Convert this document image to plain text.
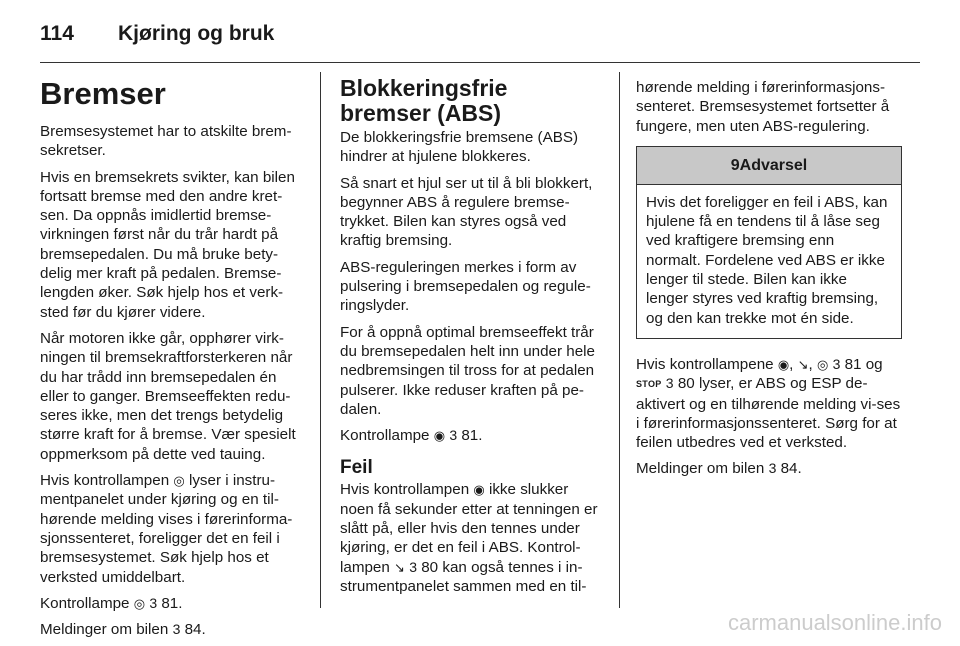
114 Kjøring og bruk
Bremser

Bremsesystemet har to atskilte brem-sekretser.

Hvis en bremsekrets svikter, kan bilen fortsatt bremse med den andre kret-sen. Da oppnås imidlertid bremse-virkningen først når du trår hardt på bremsepedalen. Du må bruke bety-delig mer kraft på pedalen. Bremse-lengden øker. Søk hjelp hos et verk-sted før du kjører videre.

Når motoren ikke går, opphører virk-ningen til bremsekraftforsterkeren når du har trådd inn bremsepedalen én eller to ganger. Bremseeffekten redu-seres ikke, men det trengs betydelig større kraft for å bremse. Vær spesielt oppmerksom på dette ved tauing.

Hvis kontrollampen ◎ lyser i instru-mentpanelet under kjøring og en til-hørende melding vises i førerinforma-sjonssenteret, foreligger det en feil i bremsesystemet. Søk hjelp hos et verksted umiddelbart.

Kontrollampe ◎ 3 81.

Meldinger om bilen 3 84.

Blokkeringsfrie bremser (ABS)

De blokkeringsfrie bremsene (ABS) hindrer at hjulene blokkeres.

Så snart et hjul ser ut til å bli blokkert, begynner ABS å regulere bremse-trykket. Bilen kan styres også ved kraftig bremsing.

ABS-reguleringen merkes i form av pulsering i bremsepedalen og regule-ringslyder.

For å oppnå optimal bremseeffekt trår du bremsepedalen helt inn under hele nedbremsingen til tross for at pedalen pulserer. Ikke reduser kraften på pe-dalen.

Kontrollampe ◉ 3 81.

Feil

Hvis kontrollampen ◉ ikke slukker noen få sekunder etter at tenningen er slått på, eller hvis den tennes under kjøring, er det en feil i ABS. Kontrol-lampen ↘ 3 80 kan også tennes i in-strumentpanelet sammen med en til-

hørende melding i førerinformasjons-senteret. Bremsesystemet fortsetter å fungere, men uten ABS-regulering.

9Advarsel

Hvis det foreligger en feil i ABS, kan hjulene få en tendens til å låse seg ved kraftigere bremsing enn normalt. Fordelene ved ABS er ikke lenger til stede. Bilen kan ikke lenger styres ved kraftig bremsing, og den kan trekke mot én side.

Hvis kontrollampene ◉, ↘, ◎ 3 81 og STOP 3 80 lyser, er ABS og ESP de-aktivert og en tilhørende melding vi-ses i førerinformasjonssenteret. Sørg for at feilen utbedres ved et verksted.

Meldinger om bilen 3 84.

carmanualsonline.info
